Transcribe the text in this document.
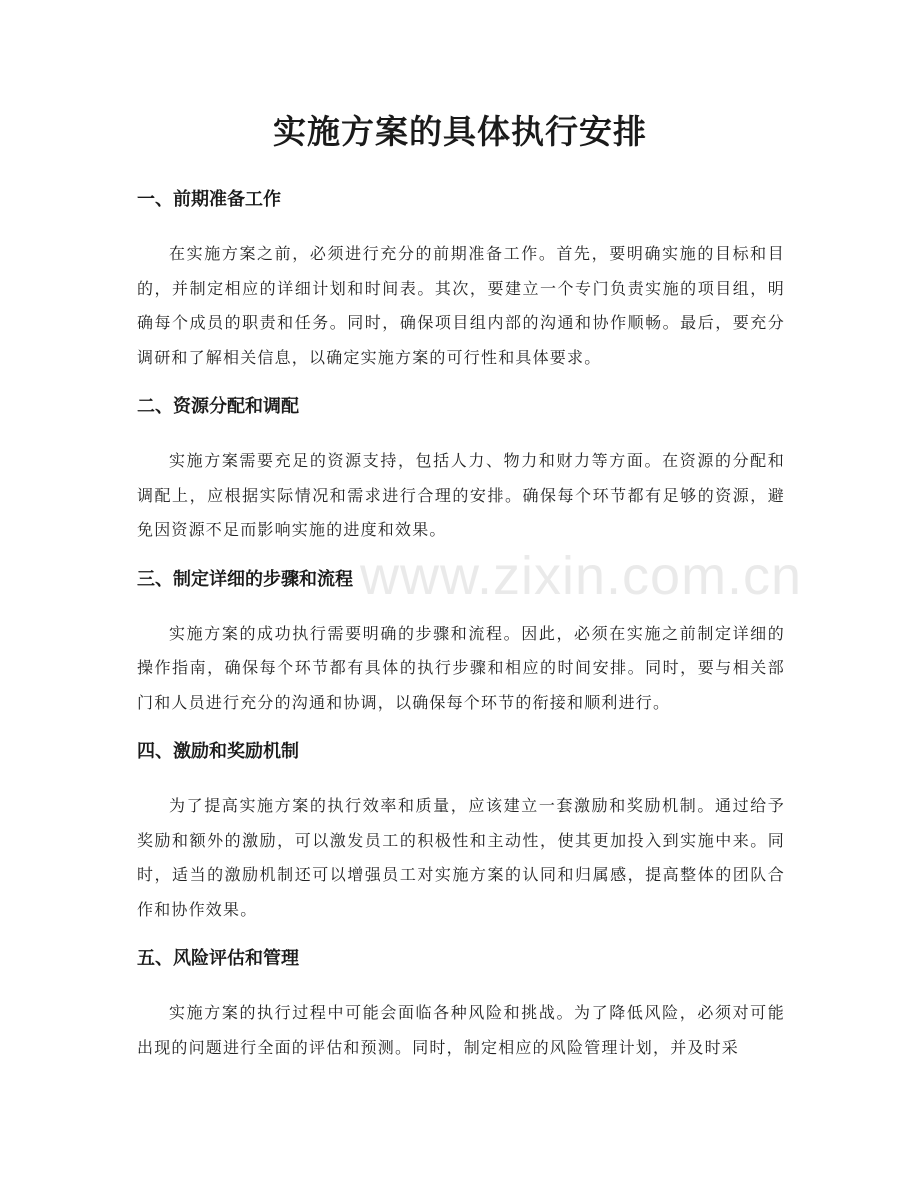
实施方案的具体执行安排
一、前期准备工作

在实施方案之前，必须进行充分的前期准备工作。首先，要明确实施的目标和目的，并制定相应的详细计划和时间表。其次，要建立一个专门负责实施的项目组，明确每个成员的职责和任务。同时，确保项目组内部的沟通和协作顺畅。最后，要充分调研和了解相关信息，以确定实施方案的可行性和具体要求。

二、资源分配和调配

实施方案需要充足的资源支持，包括人力、物力和财力等方面。在资源的分配和调配上，应根据实际情况和需求进行合理的安排。确保每个环节都有足够的资源，避免因资源不足而影响实施的进度和效果。

三、制定详细的步骤和流程

实施方案的成功执行需要明确的步骤和流程。因此，必须在实施之前制定详细的操作指南，确保每个环节都有具体的执行步骤和相应的时间安排。同时，要与相关部门和人员进行充分的沟通和协调，以确保每个环节的衔接和顺利进行。

四、激励和奖励机制

为了提高实施方案的执行效率和质量，应该建立一套激励和奖励机制。通过给予奖励和额外的激励，可以激发员工的积极性和主动性，使其更加投入到实施中来。同时，适当的激励机制还可以增强员工对实施方案的认同和归属感，提高整体的团队合作和协作效果。

五、风险评估和管理

实施方案的执行过程中可能会面临各种风险和挑战。为了降低风险，必须对可能出现的问题进行全面的评估和预测。同时，制定相应的风险管理计划，并及时采

www.zixin.com.cn
